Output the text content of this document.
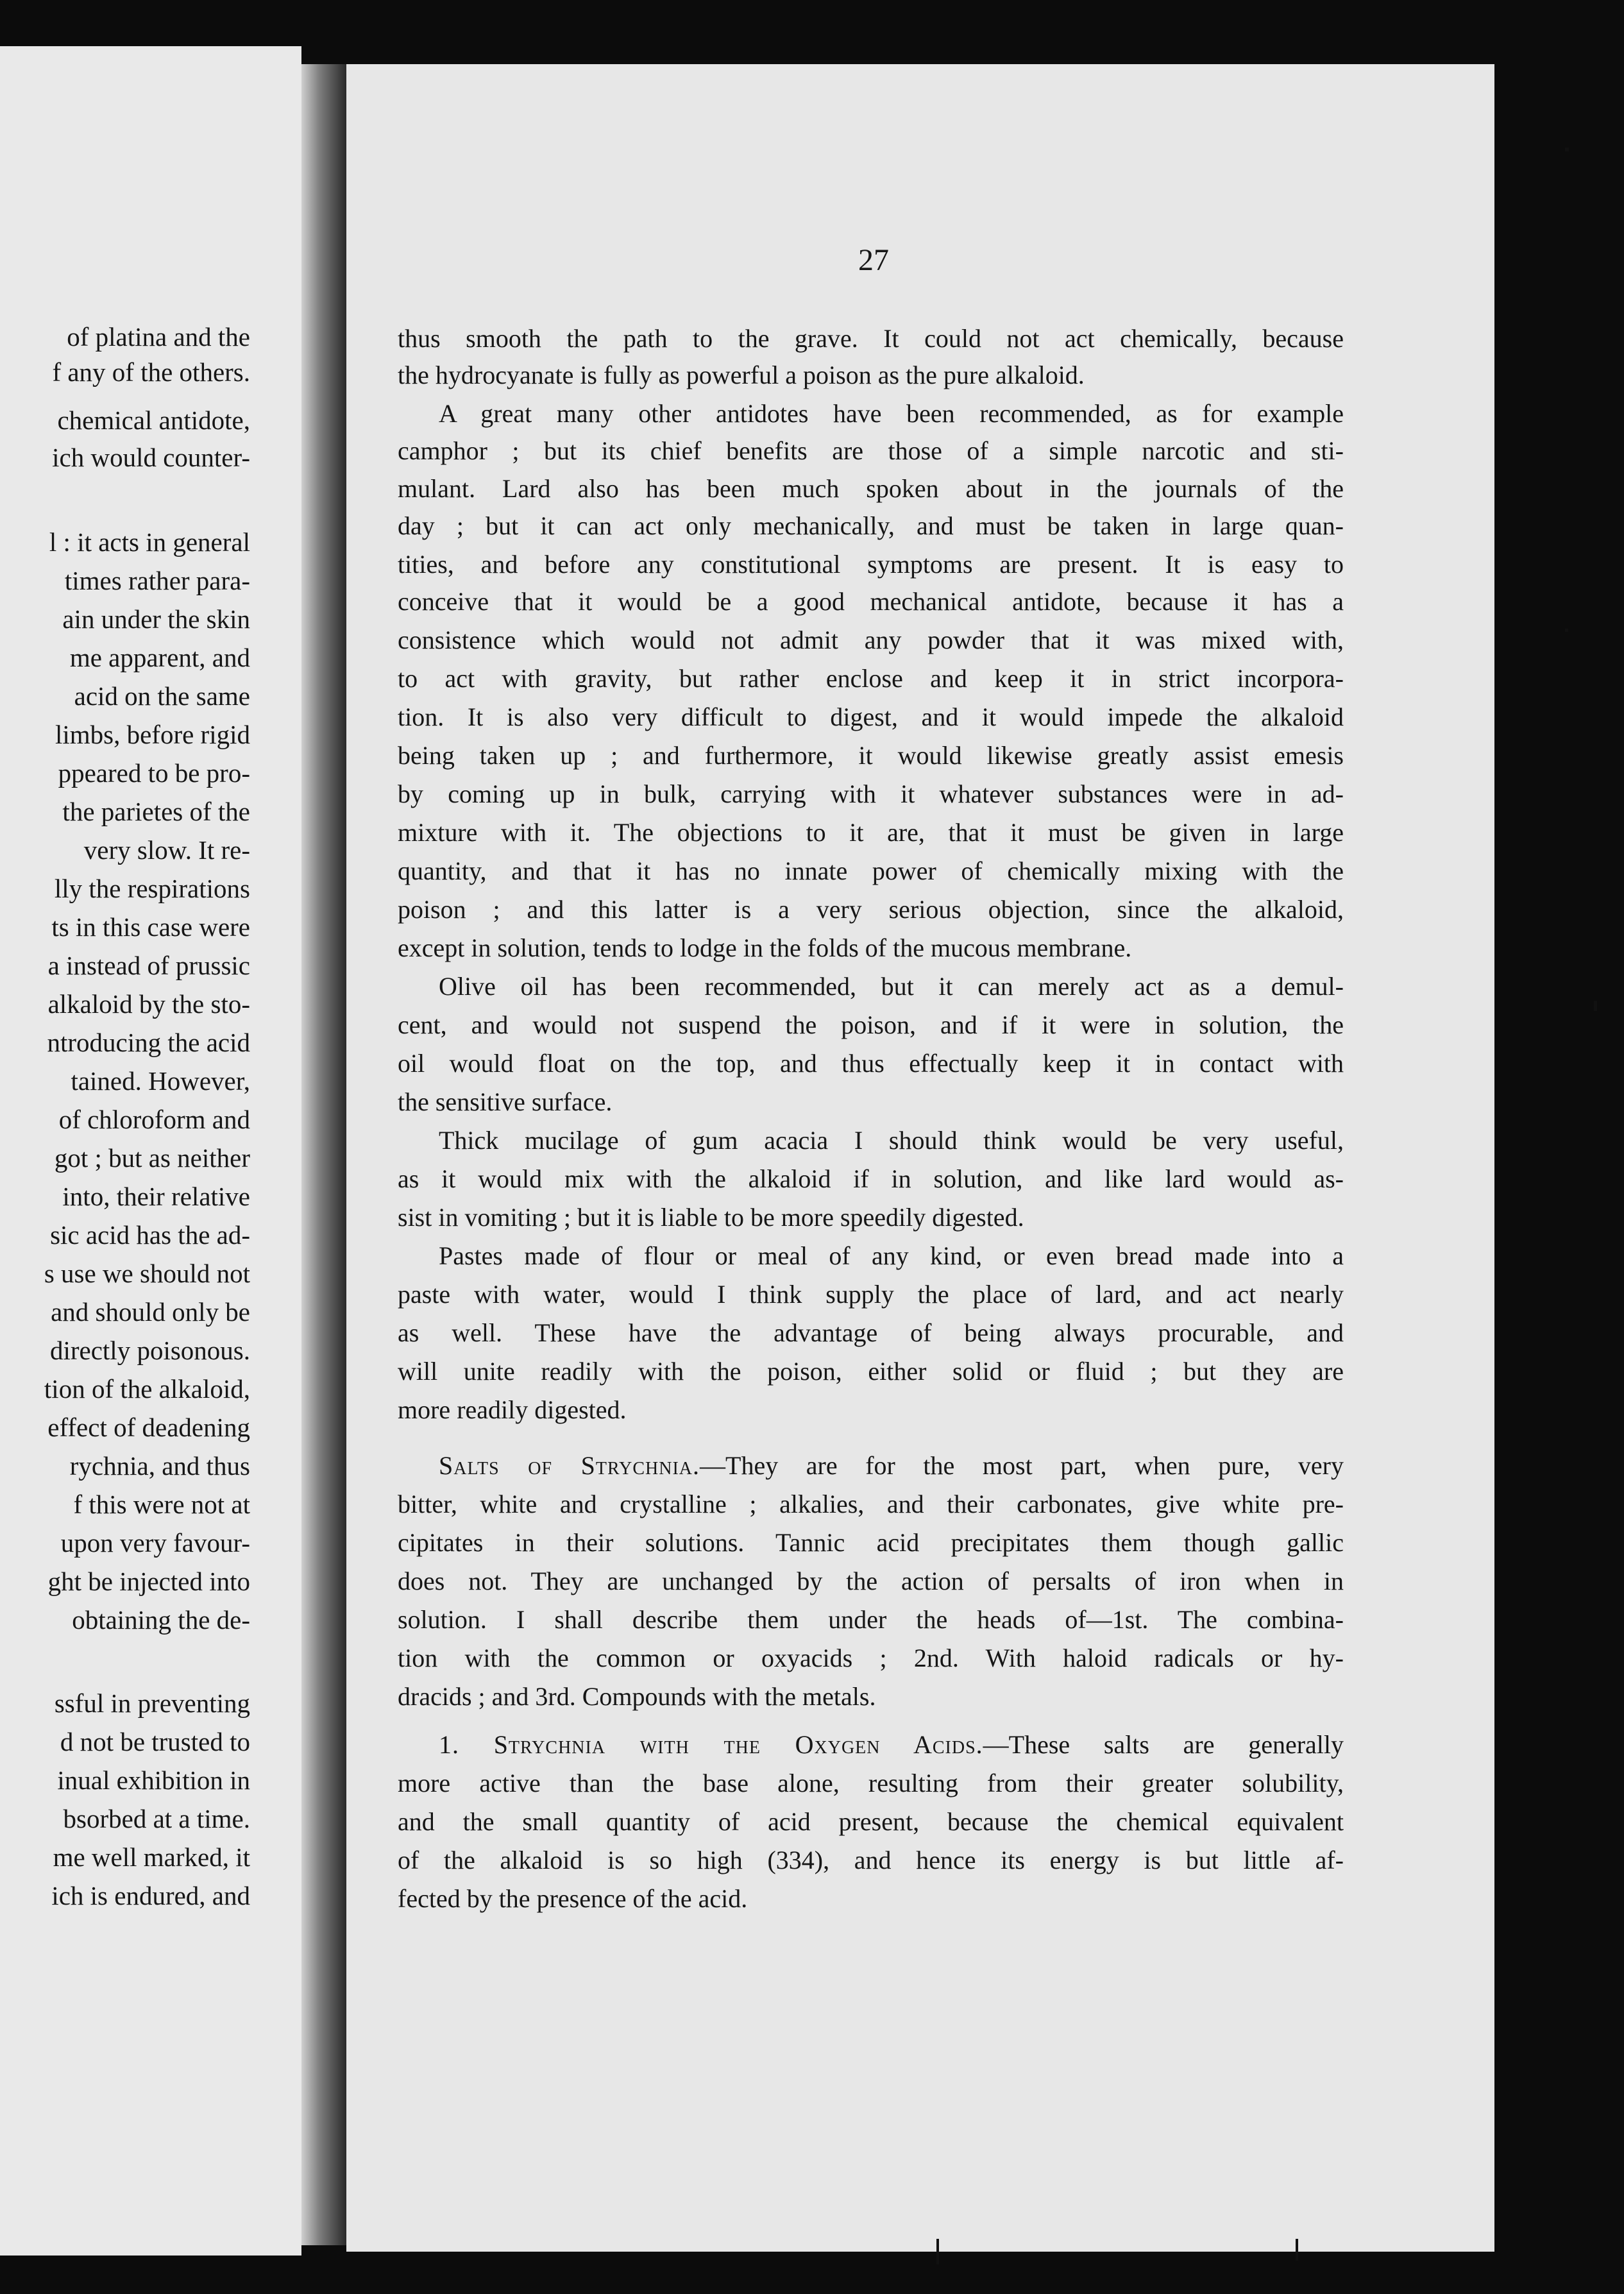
of platina and the
f any of the others.
chemical antidote,
ich would counter-
l : it acts in general
times rather para-
ain under the skin
me apparent, and
acid on the same
limbs, before rigid
ppeared to be pro-
the parietes of the
very slow. It re-
lly the respirations
ts in this case were
a instead of prussic
alkaloid by the sto-
ntroducing the acid
tained. However,
of chloroform and
got ; but as neither
into, their relative
sic acid has the ad-
s use we should not
and should only be
directly poisonous.
tion of the alkaloid,
effect of deadening
rychnia, and thus
f this were not at
upon very favour-
ght be injected into
obtaining the de-
ssful in preventing
d not be trusted to
inual exhibition in
bsorbed at a time.
me well marked, it
ich is endured, and
27
thus smooth the path to the grave. It could not act chemically, because
the hydrocyanate is fully as powerful a poison as the pure alkaloid.
A great many other antidotes have been recommended, as for example
camphor ; but its chief benefits are those of a simple narcotic and sti-
mulant. Lard also has been much spoken about in the journals of the
day ; but it can act only mechanically, and must be taken in large quan-
tities, and before any constitutional symptoms are present. It is easy to
conceive that it would be a good mechanical antidote, because it has a
consistence which would not admit any powder that it was mixed with,
to act with gravity, but rather enclose and keep it in strict incorpora-
tion. It is also very difficult to digest, and it would impede the alkaloid
being taken up ; and furthermore, it would likewise greatly assist emesis
by coming up in bulk, carrying with it whatever substances were in ad-
mixture with it. The objections to it are, that it must be given in large
quantity, and that it has no innate power of chemically mixing with the
poison ; and this latter is a very serious objection, since the alkaloid,
except in solution, tends to lodge in the folds of the mucous membrane.
Olive oil has been recommended, but it can merely act as a demul-
cent, and would not suspend the poison, and if it were in solution, the
oil would float on the top, and thus effectually keep it in contact with
the sensitive surface.
Thick mucilage of gum acacia I should think would be very useful,
as it would mix with the alkaloid if in solution, and like lard would as-
sist in vomiting ; but it is liable to be more speedily digested.
Pastes made of flour or meal of any kind, or even bread made into a
paste with water, would I think supply the place of lard, and act nearly
as well. These have the advantage of being always procurable, and
will unite readily with the poison, either solid or fluid ; but they are
more readily digested.
Salts of Strychnia.—They are for the most part, when pure, very
bitter, white and crystalline ; alkalies, and their carbonates, give white pre-
cipitates in their solutions. Tannic acid precipitates them though gallic
does not. They are unchanged by the action of persalts of iron when in
solution. I shall describe them under the heads of—1st. The combina-
tion with the common or oxyacids ; 2nd. With haloid radicals or hy-
dracids ; and 3rd. Compounds with the metals.
1. Strychnia with the Oxygen Acids.—These salts are generally
more active than the base alone, resulting from their greater solubility,
and the small quantity of acid present, because the chemical equivalent
of the alkaloid is so high (334), and hence its energy is but little af-
fected by the presence of the acid.
